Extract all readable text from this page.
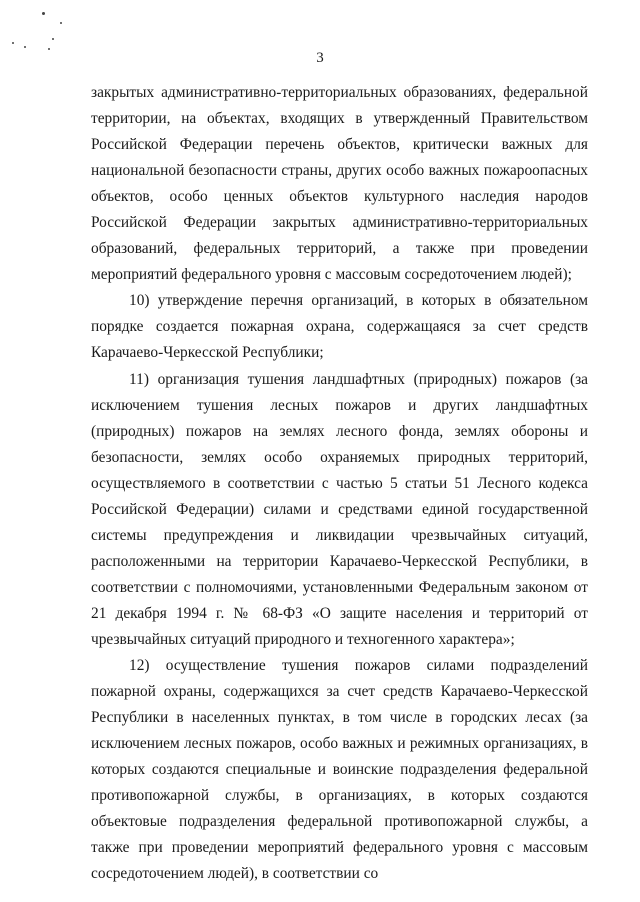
3

закрытых административно-территориальных образованиях, федеральной территории, на объектах, входящих в утвержденный Правительством Российской Федерации перечень объектов, критически важных для национальной безопасности страны, других особо важных пожароопасных объектов, особо ценных объектов культурного наследия народов Российской Федерации закрытых административно-территориальных образований, федеральных территорий, а также при проведении мероприятий федерального уровня с массовым сосредоточением людей);

10) утверждение перечня организаций, в которых в обязательном порядке создается пожарная охрана, содержащаяся за счет средств Карачаево-Черкесской Республики;

11) организация тушения ландшафтных (природных) пожаров (за исключением тушения лесных пожаров и других ландшафтных (природных) пожаров на землях лесного фонда, землях обороны и безопасности, землях особо охраняемых природных территорий, осуществляемого в соответствии с частью 5 статьи 51 Лесного кодекса Российской Федерации) силами и средствами единой государственной системы предупреждения и ликвидации чрезвычайных ситуаций, расположенными на территории Карачаево-Черкесской Республики, в соответствии с полномочиями, установленными Федеральным законом от 21 декабря 1994 г. № 68-ФЗ «О защите населения и территорий от чрезвычайных ситуаций природного и техногенного характера»;

12) осуществление тушения пожаров силами подразделений пожарной охраны, содержащихся за счет средств Карачаево-Черкесской Республики в населенных пунктах, в том числе в городских лесах (за исключением лесных пожаров, особо важных и режимных организациях, в которых создаются специальные и воинские подразделения федеральной противопожарной службы, в организациях, в которых создаются объектовые подразделения федеральной противопожарной службы, а также при проведении мероприятий федерального уровня с массовым сосредоточением людей), в соответствии со
